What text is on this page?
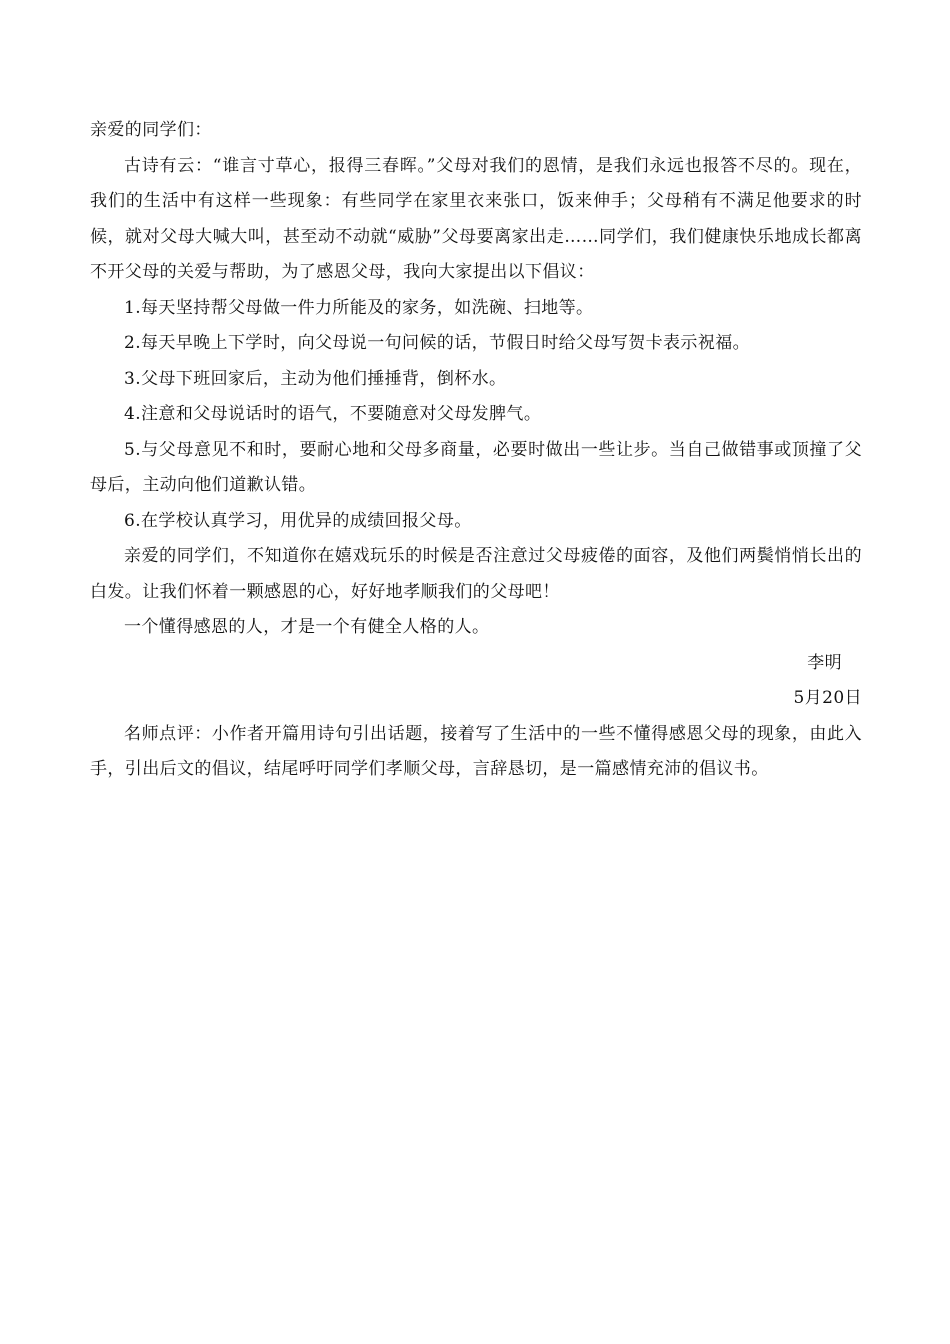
亲爱的同学们：

古诗有云：“谁言寸草心，报得三春晖。”父母对我们的恩情，是我们永远也报答不尽的。现在，我们的生活中有这样一些现象：有些同学在家里衣来张口，饭来伸手；父母稍有不满足他要求的时候，就对父母大喊大叫，甚至动不动就“威胁”父母要离家出走……同学们，我们健康快乐地成长都离不开父母的关爱与帮助，为了感恩父母，我向大家提出以下倡议：

1.每天坚持帮父母做一件力所能及的家务，如洗碗、扫地等。

2.每天早晚上下学时，向父母说一句问候的话，节假日时给父母写贺卡表示祝福。

3.父母下班回家后，主动为他们捶捶背，倒杯水。

4.注意和父母说话时的语气，不要随意对父母发脾气。

5.与父母意见不和时，要耐心地和父母多商量，必要时做出一些让步。当自己做错事或顶撞了父母后，主动向他们道歉认错。

6.在学校认真学习，用优异的成绩回报父母。

亲爱的同学们，不知道你在嬉戏玩乐的时候是否注意过父母疲倦的面容，及他们两鬓悄悄长出的白发。让我们怀着一颗感恩的心，好好地孝顺我们的父母吧！

一个懂得感恩的人，才是一个有健全人格的人。

李明

5月20日

名师点评：小作者开篇用诗句引出话题，接着写了生活中的一些不懂得感恩父母的现象，由此入手，引出后文的倡议，结尾呼吁同学们孝顺父母，言辞恳切，是一篇感情充沛的倡议书。
